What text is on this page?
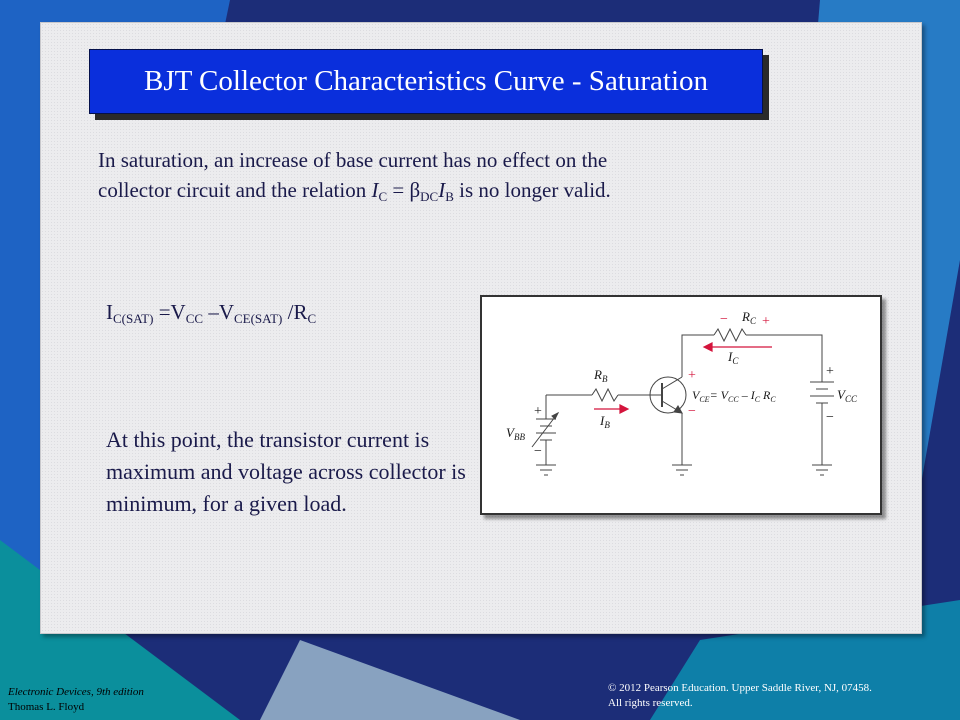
BJT Collector Characteristics Curve - Saturation
In saturation, an increase of base current has no effect on the
collector circuit and the relation $I_C = \beta_{DC}I_B$ is no longer valid.
$I_{C(SAT)} =V_{CC}$ $-V_{CE(SAT)}$ $/R_C$
At this point, the transistor current is maximum and voltage across collector is minimum, for a given load.
− +
+
−
$R_C$
$R_B$
$I_C$
$I_B$
$V_{BB}$
$V_{CC}$
+
−
+
−
$V_{CE}= V_{CC} - I_C$ $R_C$
Electronic Devices, 9th edition
Thomas L. Floyd
© 2012 Pearson Education. Upper Saddle River, NJ, 07458.
All rights reserved.
